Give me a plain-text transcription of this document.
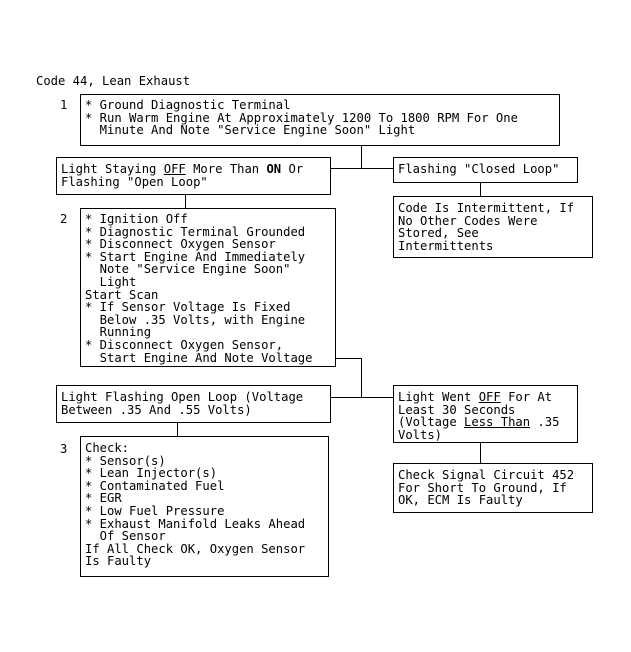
Code 44, Lean Exhaust
1
2
3
* Ground Diagnostic Terminal
* Run Warm Engine At Approximately 1200 To 1800 RPM For One
Minute And Note "Service Engine Soon" Light
Light Staying OFF More Than ON Or
Flashing "Open Loop"
Flashing "Closed Loop"
Code Is Intermittent, If
No Other Codes Were
Stored, See
Intermittents
* Ignition Off
* Diagnostic Terminal Grounded
* Disconnect Oxygen Sensor
* Start Engine And Immediately
Note "Service Engine Soon"
Light
Start Scan
* If Sensor Voltage Is Fixed
Below .35 Volts, with Engine
Running
* Disconnect Oxygen Sensor,
Start Engine And Note Voltage
Light Flashing Open Loop (Voltage
Between .35 And .55 Volts)
Light Went OFF For At
Least 30 Seconds
(Voltage Less Than .35
Volts)
Check:
* Sensor(s)
* Lean Injector(s)
* Contaminated Fuel
* EGR
* Low Fuel Pressure
* Exhaust Manifold Leaks Ahead
Of Sensor
If All Check OK, Oxygen Sensor
Is Faulty
Check Signal Circuit 452
For Short To Ground, If
OK, ECM Is Faulty
